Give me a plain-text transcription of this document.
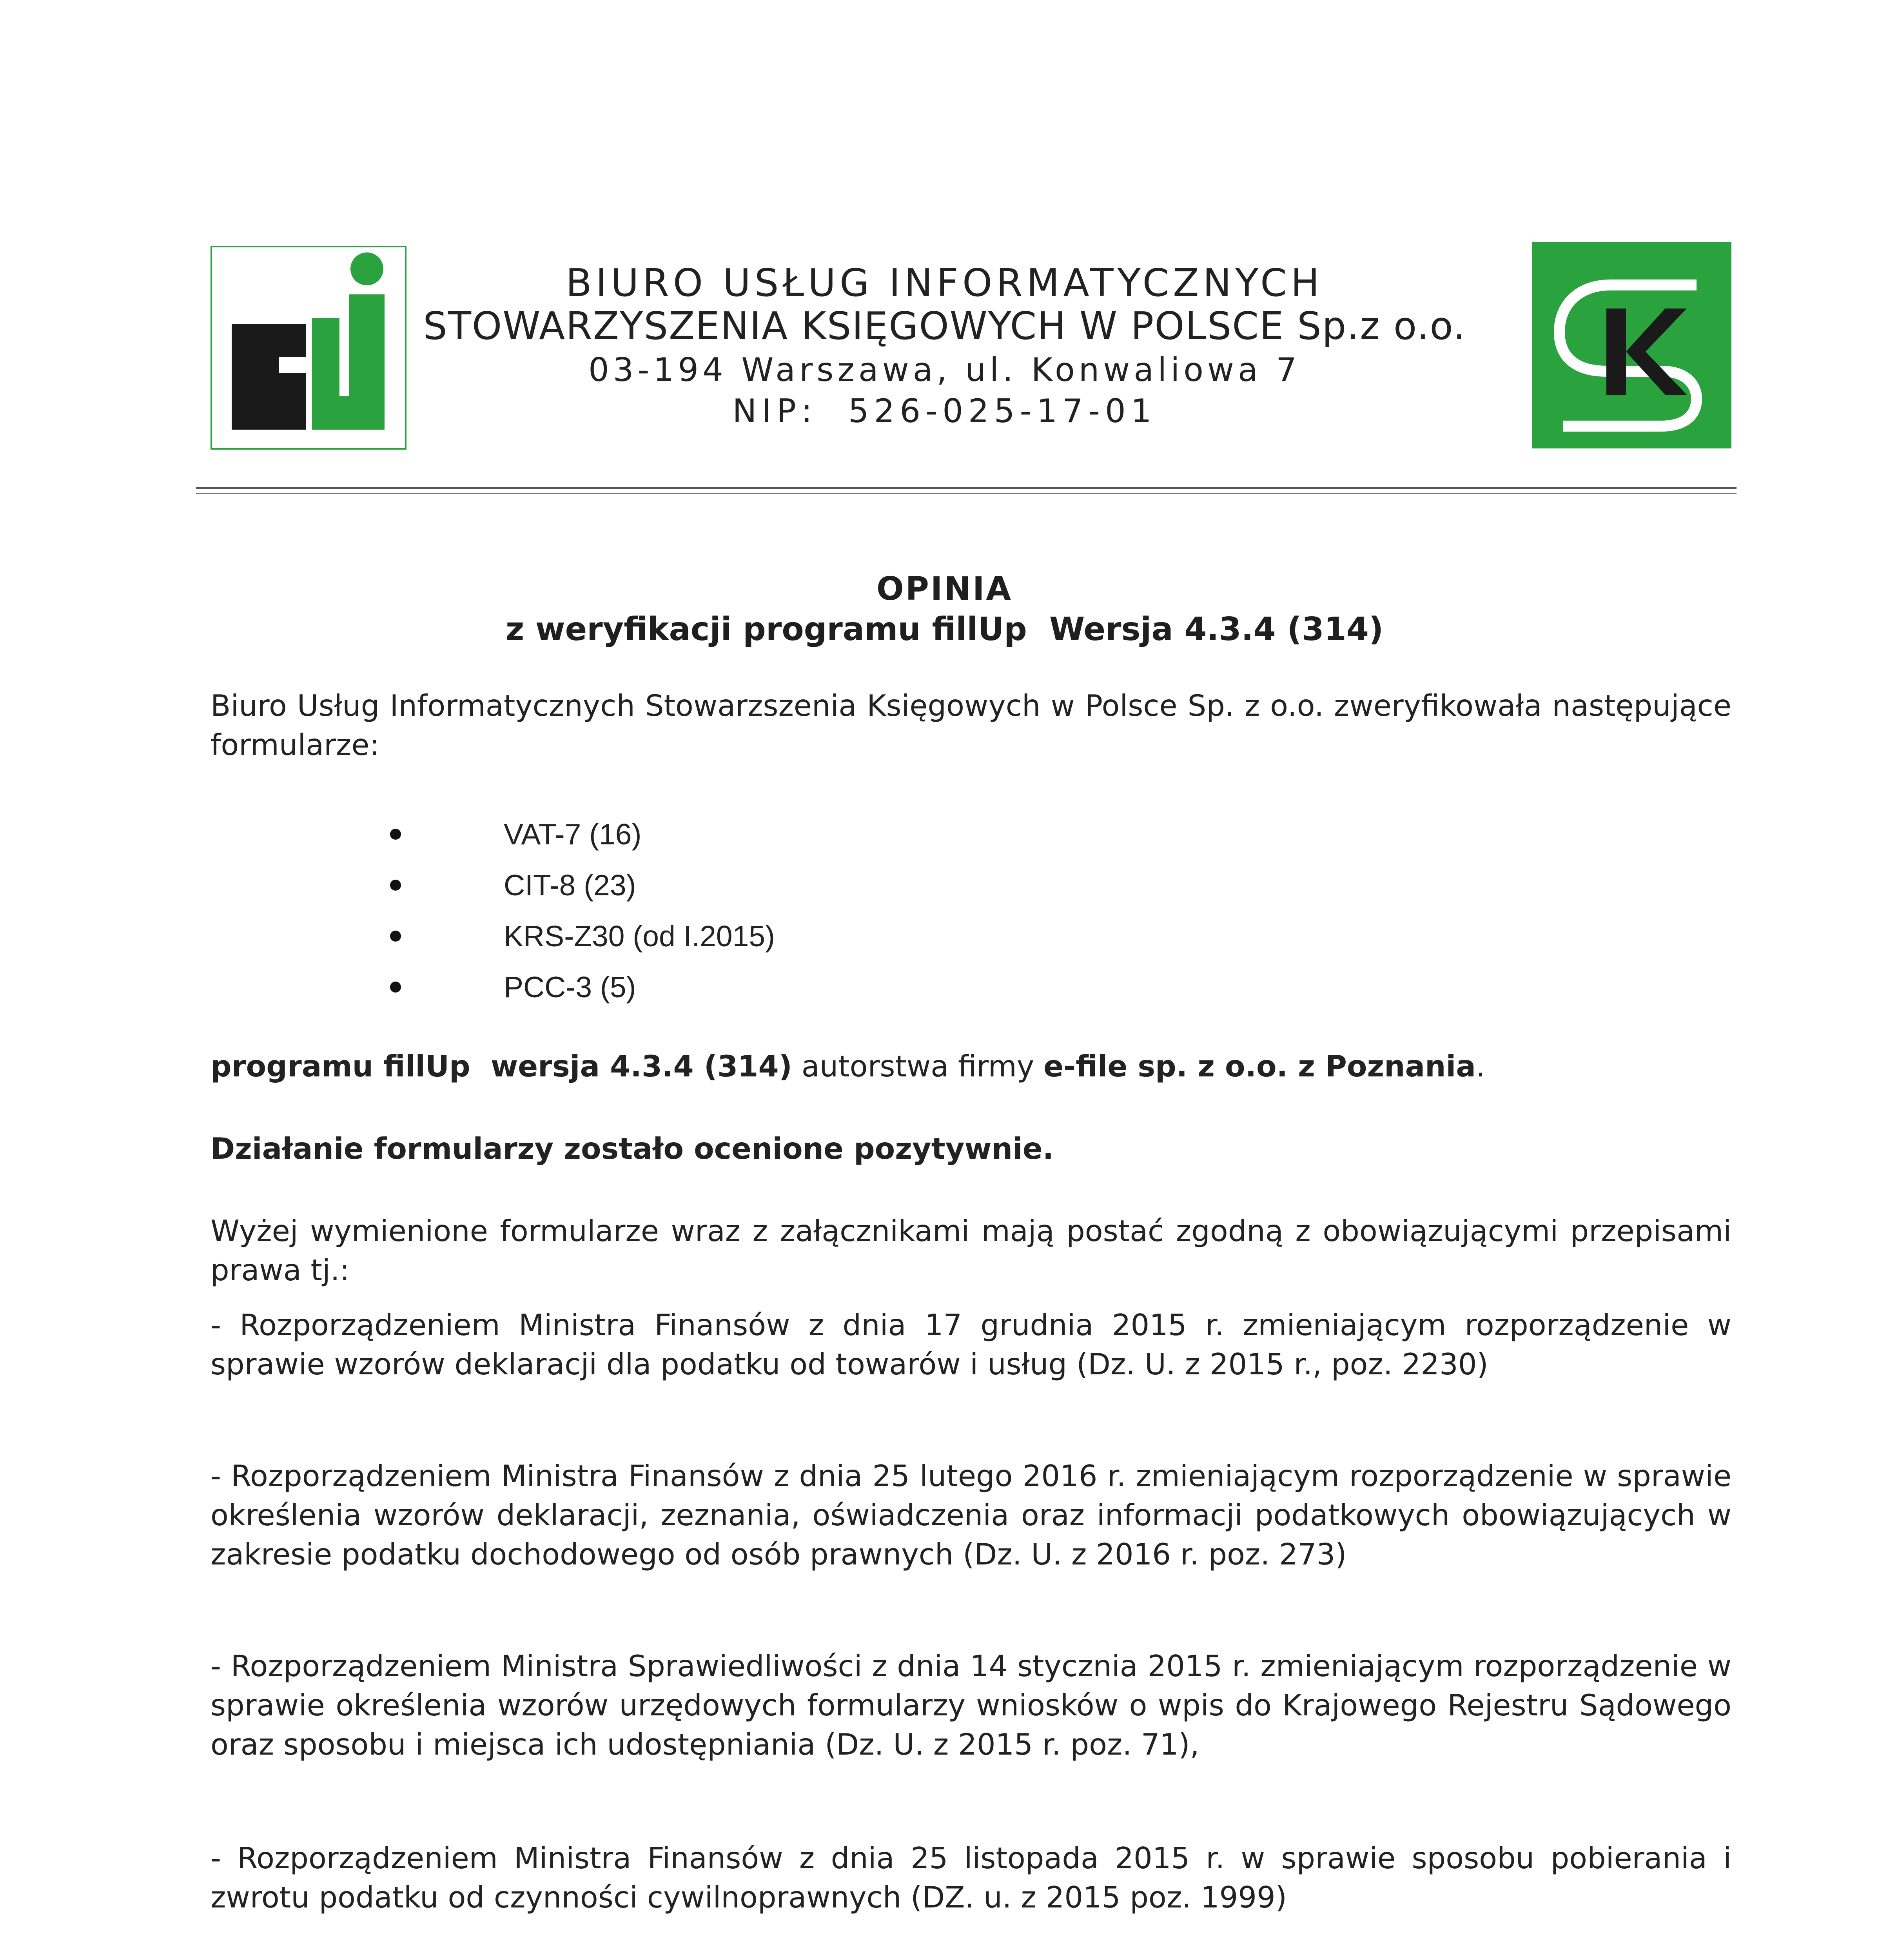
BIURO USŁUG INFORMATYCZNYCH
STOWARZYSZENIA KSIĘGOWYCH W POLSCE Sp.z o.o.
03-194 Warszawa, ul. Konwaliowa 7
NIP:  526-025-17-01
OPINIA
z weryfikacji programu fillUp  Wersja 4.3.4 (314)
Biuro Usług Informatycznych Stowarzszenia Księgowych w Polsce Sp. z o.o. zweryfikowała następujące formularze:
VAT-7 (16)
CIT-8 (23)
KRS-Z30 (od I.2015)
PCC-3 (5)
programu fillUp  wersja 4.3.4 (314) autorstwa firmy e-file sp. z o.o. z Poznania.
Działanie formularzy zostało ocenione pozytywnie.
Wyżej wymienione formularze wraz z załącznikami mają postać zgodną z obowiązującymi przepisami prawa tj.:
- Rozporządzeniem Ministra Finansów z dnia 17 grudnia 2015 r. zmieniającym rozporządzenie w sprawie wzorów deklaracji dla podatku od towarów i usług (Dz. U. z 2015 r., poz. 2230)
- Rozporządzeniem Ministra Finansów z dnia 25 lutego 2016 r. zmieniającym rozporządzenie w sprawie określenia wzorów deklaracji, zeznania, oświadczenia oraz informacji podatkowych obowiązujących w zakresie podatku dochodowego od osób prawnych (Dz. U. z 2016 r. poz. 273)
- Rozporządzeniem Ministra Sprawiedliwości z dnia 14 stycznia 2015 r. zmieniającym rozporządzenie w sprawie określenia wzorów urzędowych formularzy wniosków o wpis do Krajowego Rejestru Sądowego oraz sposobu i miejsca ich udostępniania (Dz. U. z 2015 r. poz. 71),
- Rozporządzeniem Ministra Finansów z dnia 25 listopada 2015 r. w sprawie sposobu pobierania i zwrotu podatku od czynności cywilnoprawnych (DZ. u. z 2015 poz. 1999)
